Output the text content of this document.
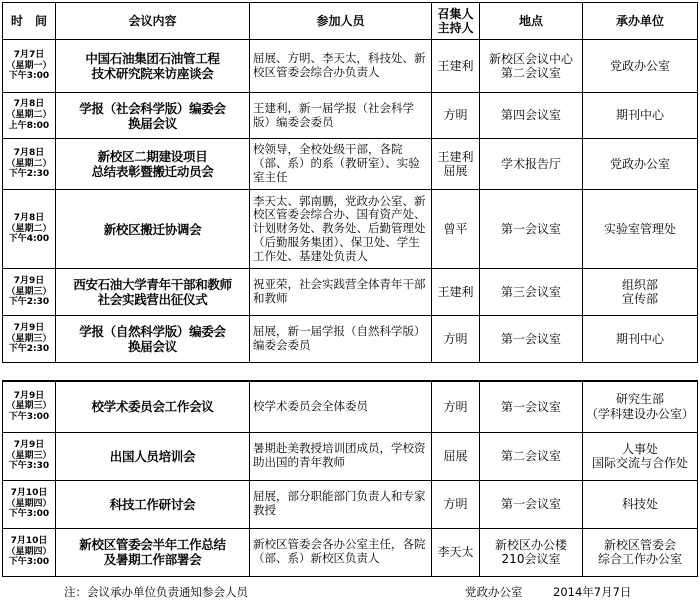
时　间	会议内容	参加人员	召集人
主持人	地点	承办单位

7月7日
（星期一）
下午3:00	中国石油集团石油管工程
技术研究院来访座谈会	屈展、方明、李天太，科技处、新校区管委会综合办负责人	王建利	新校区会议中心
第二会议室	党政办公室

7月8日
（星期二）
上午8:00	学报（社会科学版）编委会
换届会议	王建利，新一届学报（社会科学版）编委会委员	方明	第四会议室	期刊中心

7月8日
（星期二）
下午2:30	新校区二期建设项目
总结表彰暨搬迁动员会	校领导，全校处级干部，各院（部、系）的系（教研室）、实验室主任	王建利
屈展	学术报告厅	党政办公室

7月8日
（星期二）
下午4:00	新校区搬迁协调会	李天太、郭南鹏，党政办公室、新校区管委会综合办、国有资产处、计划财务处、教务处、后勤管理处（后勤服务集团）、保卫处、学生工作处、基建处负责人	曾平	第一会议室	实验室管理处

7月9日
（星期三）
下午2:30	西安石油大学青年干部和教师
社会实践营出征仪式	祝亚荣，社会实践营全体青年干部和教师	王建利	第三会议室	组织部
宣传部

7月9日
（星期三）
下午2:30	学报（自然科学版）编委会
换届会议	屈展，新一届学报（自然科学版）编委会委员	方明	第一会议室	期刊中心
7月9日
（星期三）
下午3:00	校学术委员会工作会议	校学术委员会全体委员	方明	第一会议室	研究生部
（学科建设办公室）

7月9日
（星期三）
下午3:30	出国人员培训会	暑期赴美教授培训团成员，学校资助出国的青年教师	屈展	第二会议室	人事处
国际交流与合作处

7月10日
（星期四）
下午3:00	科技工作研讨会	屈展，部分职能部门负责人和专家教授	方明	第一会议室	科技处

7月10日
（星期四）
下午3:00	新校区管委会半年工作总结
及暑期工作部署会	新校区管委会各办公室主任，各院（部、系）新校区负责人	李天太	新校区办公楼
210会议室	新校区管委会
综合工作办公室
注：会议承办单位负责通知参会人员	党政办公室	2014年7月7日
